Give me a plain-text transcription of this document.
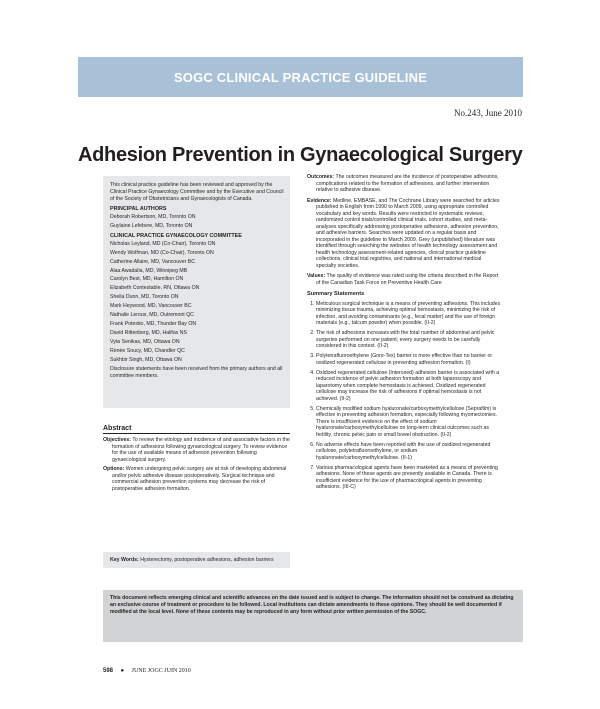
SOGC CLINICAL PRACTICE GUIDELINE
No.243, June 2010
Adhesion Prevention in Gynaecological Surgery

This clinical practice guideline has been reviewed and approved by the Clinical Practice Gynaecology Committee and by the Executive and Council of the Society of Obstetricians and Gynaecologists of Canada.

PRINCIPAL AUTHORS

Deborah Robertson, MD, Toronto ON

Guylaine Lefebvre, MD, Toronto ON

CLINICAL PRACTICE GYNAECOLOGY COMMITTEE

Nicholas Leyland, MD (Co-Chair), Toronto ON

Wendy Wolfman, MD (Co-Chair), Toronto ON

Catherine Allaire, MD, Vancouver BC

Alaa Awadalla, MD, Winnipeg MB

Carolyn Best, MD, Hamilton ON

Elizabeth Contestable, RN, Ottawa ON

Sheila Dunn, MD, Toronto ON

Mark Heywood, MD, Vancouver BC

Nathalie Leroux, MD, Outremont QC

Frank Potestio, MD, Thunder Bay ON

David Rittenberg, MD, Halifax NS

Vyta Senikas, MD, Ottawa ON

Renée Soucy, MD, Chandler QC

Sukhbir Singh, MD, Ottawa ON

Disclosure statements have been received from the primary authors and all committee members.

Abstract

Objectives: To review the etiology and incidence of and associative factors in the formation of adhesions following gynaecological surgery. To review evidence for the use of available means of adhesion prevention following gynaecological surgery.

Options: Women undergoing pelvic surgery are at risk of developing abdominal and/or pelvic adhesive disease postoperatively. Surgical technique and commercial adhesion prevention systems may decrease the risk of postoperative adhesion formation.

Key Words: Hysterectomy, postoperative adhesions, adhesion barriers

Outcomes: The outcomes measured are the incidence of postoperative adhesions, complications related to the formation of adhesions, and further intervention relative to adhesive disease.

Evidence: Medline, EMBASE, and The Cochrane Library were searched for articles published in English from 1990 to March 2009, using appropriate controlled vocabulary and key words. Results were restricted to systematic reviews, randomized control trials/controlled clinical trials, cohort studies, and meta-analyses specifically addressing postoperative adhesions, adhesion prevention, and adhesive barriers. Searches were updated on a regular basis and incorporated in the guideline to March 2009. Grey (unpublished) literature was identified through searching the websites of health technology assessment and health technology assessment-related agencies, clinical practice guideline collections, clinical trial registries, and national and international medical specialty societies.

Values: The quality of evidence was rated using the criteria described in the Report of the Canadian Task Force on Preventive Health Care

Summary Statements

1. Meticulous surgical technique is a means of preventing adhesions. This includes minimizing tissue trauma, achieving optimal hemostasis, minimizing the risk of infection, and avoiding contaminants (e.g., fecal matter) and the use of foreign materials (e.g., talcum powder) when possible. (II-2)
2. The risk of adhesions increases with the total number of abdominal and pelvic surgeries performed on one patient; every surgery needs to be carefully considered in this context. (II-2)
3. Polytetrafluoroethylene (Gore-Tex) barrier is more effective than no barrier or oxidized regenerated cellulose in preventing adhesion formation. (I)
4. Oxidized regenerated cellulose (Interceed) adhesion barrier is associated with a reduced incidence of pelvic adhesion formation at both laparoscopy and laparotomy when complete hemostasis is achieved. Oxidized regenerated cellulose may increase the risk of adhesions if optimal hemostasis is not achieved. (II-2)
5. Chemically modified sodium hyaluronate/carboxymethylcellulose (Seprafilm) is effective in preventing adhesion formation, especially following myomectomies. There is insufficient evidence on the effect of sodium hyaluronate/carboxymethylcellulose on long-term clinical outcomes such as fertility, chronic pelvic pain or small bowel obstruction. (II-2)
6. No adverse effects have been reported with the use of oxidized regenerated cellulose, polytetrafluoroethylene, or sodium hyaluronate/carboxymethylcellulose. (II-1)
7. Various pharmacological agents have been marketed as a means of preventing adhesions. None of these agents are presently available in Canada. There is insufficient evidence for the use of pharmacological agents in preventing adhesions. (III-C)
This document reflects emerging clinical and scientific advances on the date issued and is subject to change. The information should not be construed as dictating an exclusive course of treatment or procedure to be followed. Local institutions can dictate amendments to these opinions. They should be well documented if modified at the local level. None of these contents may be reproduced in any form without prior written permission of the SOGC.
598 ● JUNE JOGC JUIN 2010
